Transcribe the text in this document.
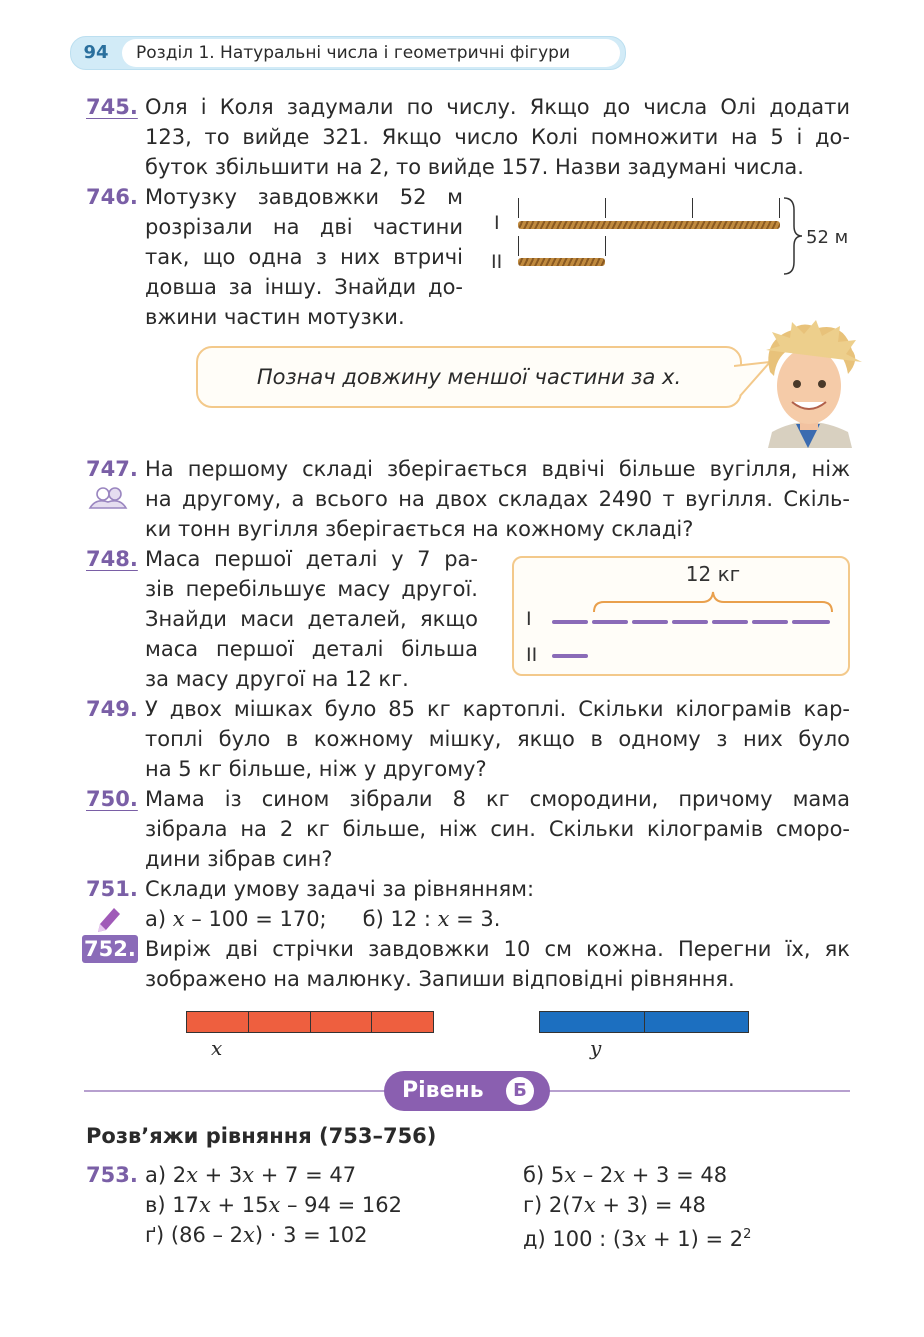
94	Розділ 1. Натуральні числа і геометричні фігури
745. Оля і Коля задумали по числу. Якщо до числа Олі додати

123, то вийде 321. Якщо число Колі помножити на 5 і до-

буток збільшити на 2, то вийде 157. Назви задумані числа.

746. Мотузку завдовжки 52 м

розрізали на дві частини

так, що одна з них втричі

довша за іншу. Знайди до-

вжини частин мотузки.

I
II
52 м
Познач довжину меншої частини за x.
747. На першому складі зберігається вдвічі більше вугілля, ніж

на другому, а всього на двох складах 2490 т вугілля. Скіль-

ки тонн вугілля зберігається на кожному складі?

748. Маса першої деталі у 7 ра-

зів перебільшує масу другої.

Знайди маси деталей, якщо

маса першої деталі більша

за масу другої на 12 кг.

12 кг
I
II
749. У двох мішках було 85 кг картоплі. Скільки кілограмів кар-

топлі було в кожному мішку, якщо в одному з них було

на 5 кг більше, ніж у другому?

750. Мама із сином зібрали 8 кг смородини, причому мама

зібрала на 2 кг більше, ніж син. Скільки кілограмів сморо-

дини зібрав син?

751. Склади умову задачі за рівнянням:

а) x – 100 = 170; б) 12 : x = 3.

752. Виріж дві стрічки завдовжки 10 см кожна. Перегни їх, як

зображено на малюнку. Запиши відповідні рівняння.

x	y
Рівень	Б
Розв’яжи рівняння (753–756)
753. а) 2x + 3x + 7 = 47	б) 5x – 2x + 3 = 48
в) 17x + 15x – 94 = 162	г) 2(7x + 3) = 48
ґ) (86 – 2x) · 3 = 102	д) 100 : $(3x + 1) = 2^2$
